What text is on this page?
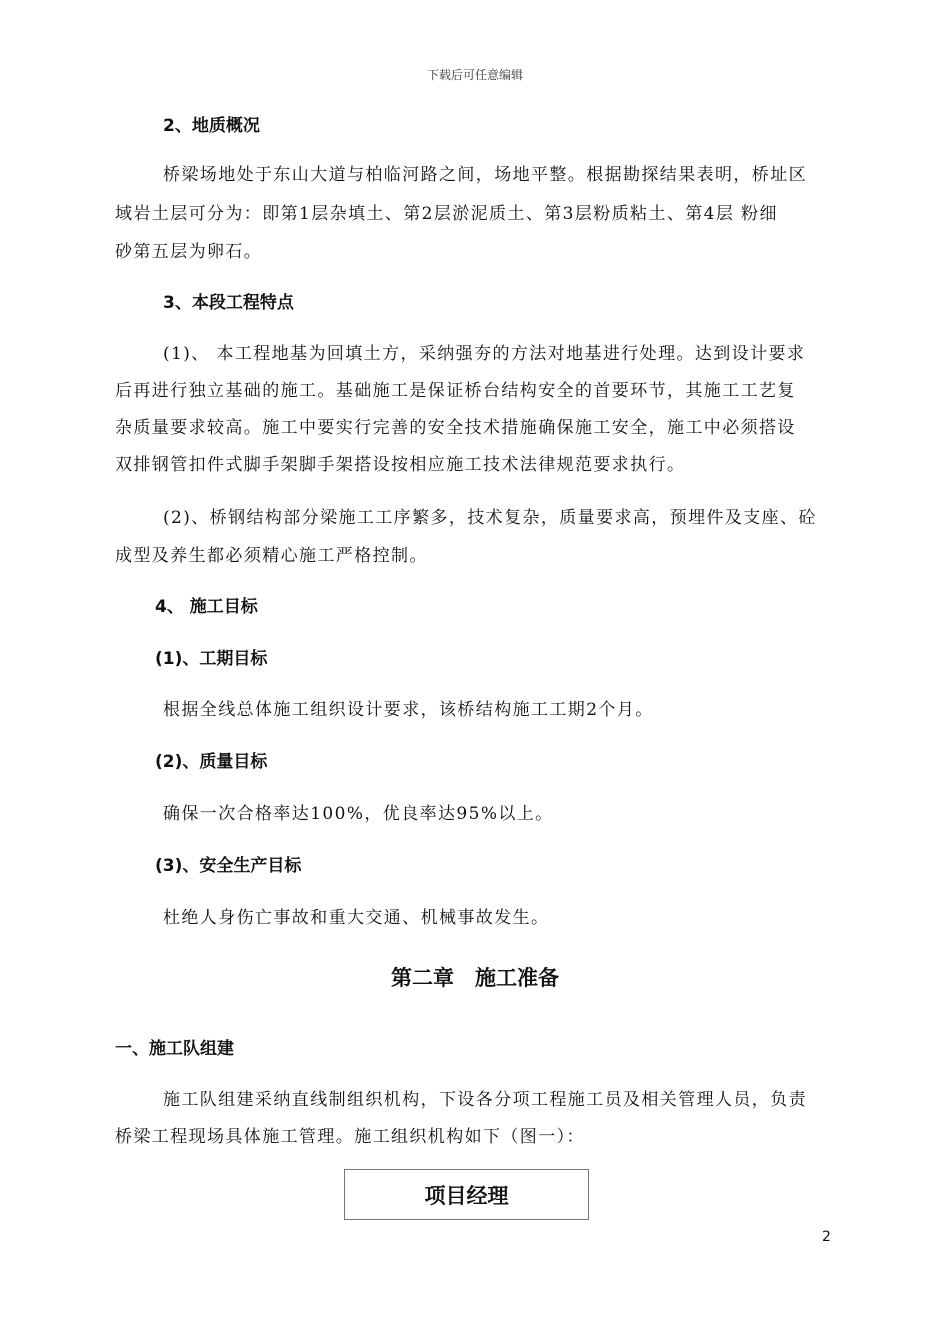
下载后可任意编辑
2、地质概况
桥梁场地处于东山大道与柏临河路之间，场地平整。根据勘探结果表明，桥址区
域岩土层可分为：即第1层杂填土、第2层淤泥质土、第3层粉质粘土、第4层 粉细
砂第五层为卵石。
3、本段工程特点
(1)、 本工程地基为回填土方，采纳强夯的方法对地基进行处理。达到设计要求
后再进行独立基础的施工。基础施工是保证桥台结构安全的首要环节，其施工工艺复
杂质量要求较高。施工中要实行完善的安全技术措施确保施工安全，施工中必须搭设
双排钢管扣件式脚手架脚手架搭设按相应施工技术法律规范要求执行。
(2)、桥钢结构部分梁施工工序繁多，技术复杂，质量要求高，预埋件及支座、砼
成型及养生都必须精心施工严格控制。
4、 施工目标
(1)、工期目标
根据全线总体施工组织设计要求，该桥结构施工工期2个月。
(2)、质量目标
确保一次合格率达100%，优良率达95%以上。
(3)、安全生产目标
杜绝人身伤亡事故和重大交通、机械事故发生。
第二章　施工准备
一、施工队组建
施工队组建采纳直线制组织机构，下设各分项工程施工员及相关管理人员，负责
桥梁工程现场具体施工管理。施工组织机构如下（图一）：
项目经理
2
